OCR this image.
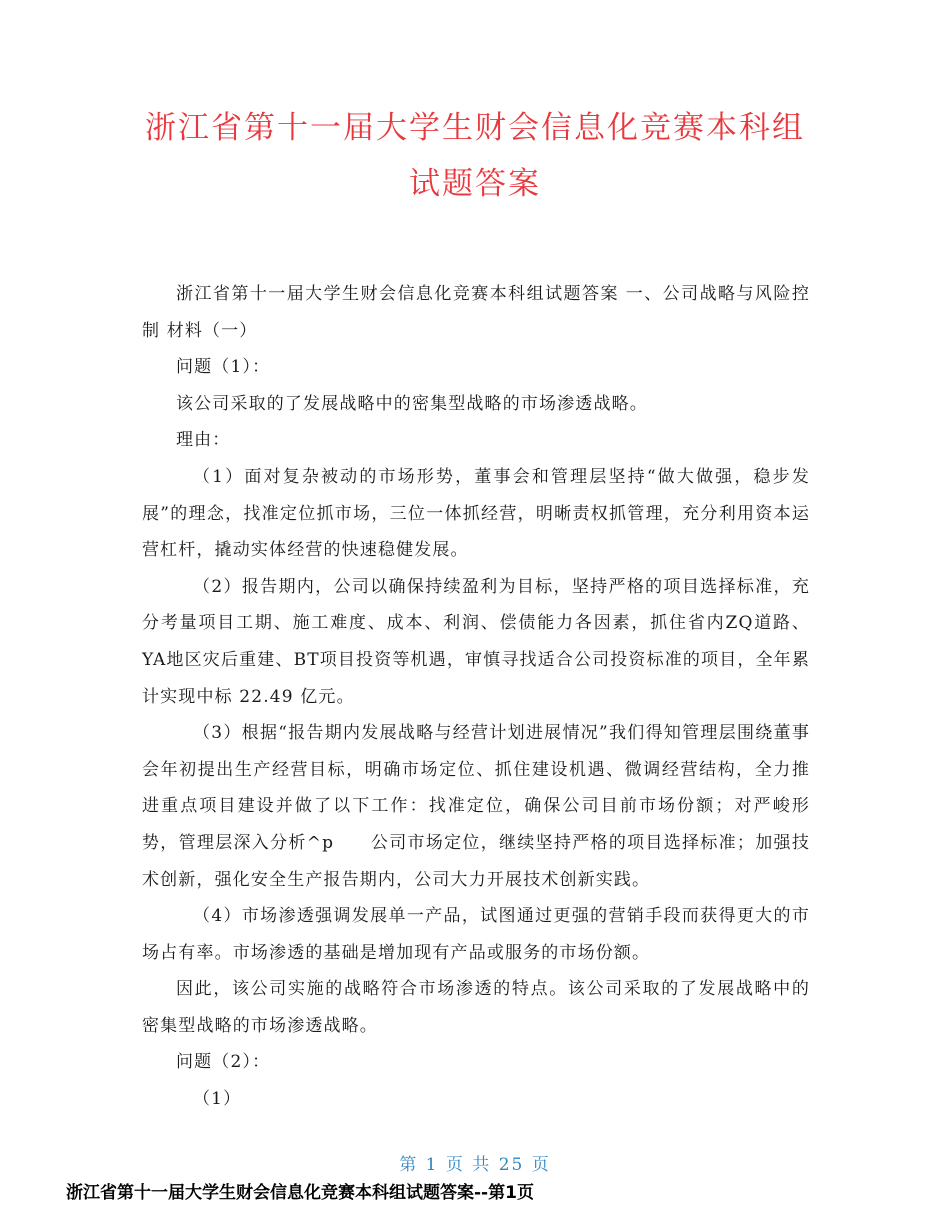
浙江省第十一届大学生财会信息化竞赛本科组
试题答案

浙江省第十一届大学生财会信息化竞赛本科组试题答案 一、公司战略与风险控制 材料（一）

问题（1）：

该公司采取的了发展战略中的密集型战略的市场渗透战略。

理由：

（1）面对复杂被动的市场形势，董事会和管理层坚持“做大做强，稳步发展”的理念，找准定位抓市场，三位一体抓经营，明晰责权抓管理，充分利用资本运营杠杆，撬动实体经营的快速稳健发展。

（2）报告期内，公司以确保持续盈利为目标，坚持严格的项目选择标准，充分考量项目工期、施工难度、成本、利润、偿债能力各因素，抓住省内ZQ道路、YA地区灾后重建、BT项目投资等机遇，审慎寻找适合公司投资标准的项目，全年累计实现中标 22.49 亿元。

（3）根据“报告期内发展战略与经营计划进展情况”我们得知管理层围绕董事会年初提出生产经营目标，明确市场定位、抓住建设机遇、微调经营结构，全力推进重点项目建设并做了以下工作：找准定位，确保公司目前市场份额；对严峻形势，管理层深入分析^p　　公司市场定位，继续坚持严格的项目选择标准；加强技术创新，强化安全生产报告期内，公司大力开展技术创新实践。

（4）市场渗透强调发展单一产品，试图通过更强的营销手段而获得更大的市场占有率。市场渗透的基础是增加现有产品或服务的市场份额。

因此，该公司实施的战略符合市场渗透的特点。该公司采取的了发展战略中的密集型战略的市场渗透战略。

问题（2）：

（1）

第 1 页 共 25 页
浙江省第十一届大学生财会信息化竞赛本科组试题答案--第1页
